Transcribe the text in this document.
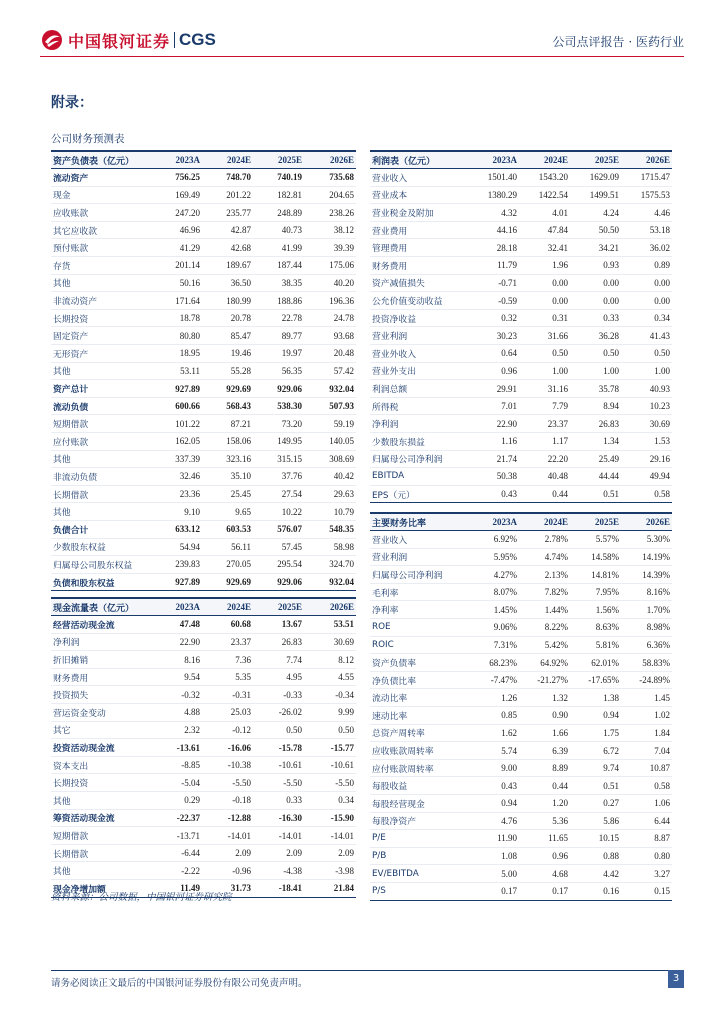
中国银河证券 CGS	公司点评报告 · 医药行业
附录：
公司财务预测表
资产负债表（亿元）	2023A	2024E	2025E	2026E
流动资产	756.25	748.70	740.19	735.68
现金	169.49	201.22	182.81	204.65
应收账款	247.20	235.77	248.89	238.26
其它应收款	46.96	42.87	40.73	38.12
预付账款	41.29	42.68	41.99	39.39
存货	201.14	189.67	187.44	175.06
其他	50.16	36.50	38.35	40.20
非流动资产	171.64	180.99	188.86	196.36
长期投资	18.78	20.78	22.78	24.78
固定资产	80.80	85.47	89.77	93.68
无形资产	18.95	19.46	19.97	20.48
其他	53.11	55.28	56.35	57.42
资产总计	927.89	929.69	929.06	932.04
流动负债	600.66	568.43	538.30	507.93
短期借款	101.22	87.21	73.20	59.19
应付账款	162.05	158.06	149.95	140.05
其他	337.39	323.16	315.15	308.69
非流动负债	32.46	35.10	37.76	40.42
长期借款	23.36	25.45	27.54	29.63
其他	9.10	9.65	10.22	10.79
负债合计	633.12	603.53	576.07	548.35
少数股东权益	54.94	56.11	57.45	58.98
归属母公司股东权益	239.83	270.05	295.54	324.70
负债和股东权益	927.89	929.69	929.06	932.04
利润表（亿元）	2023A	2024E	2025E	2026E
营业收入	1501.40	1543.20	1629.09	1715.47
营业成本	1380.29	1422.54	1499.51	1575.53
营业税金及附加	4.32	4.01	4.24	4.46
营业费用	44.16	47.84	50.50	53.18
管理费用	28.18	32.41	34.21	36.02
财务费用	11.79	1.96	0.93	0.89
资产减值损失	-0.71	0.00	0.00	0.00
公允价值变动收益	-0.59	0.00	0.00	0.00
投资净收益	0.32	0.31	0.33	0.34
营业利润	30.23	31.66	36.28	41.43
营业外收入	0.64	0.50	0.50	0.50
营业外支出	0.96	1.00	1.00	1.00
利润总额	29.91	31.16	35.78	40.93
所得税	7.01	7.79	8.94	10.23
净利润	22.90	23.37	26.83	30.69
少数股东损益	1.16	1.17	1.34	1.53
归属母公司净利润	21.74	22.20	25.49	29.16
EBITDA	50.38	40.48	44.44	49.94
EPS（元）	0.43	0.44	0.51	0.58
主要财务比率	2023A	2024E	2025E	2026E
营业收入	6.92%	2.78%	5.57%	5.30%
营业利润	5.95%	4.74%	14.58%	14.19%
归属母公司净利润	4.27%	2.13%	14.81%	14.39%
毛利率	8.07%	7.82%	7.95%	8.16%
净利率	1.45%	1.44%	1.56%	1.70%
ROE	9.06%	8.22%	8.63%	8.98%
ROIC	7.31%	5.42%	5.81%	6.36%
资产负债率	68.23%	64.92%	62.01%	58.83%
净负债比率	-7.47%	-21.27%	-17.65%	-24.89%
流动比率	1.26	1.32	1.38	1.45
速动比率	0.85	0.90	0.94	1.02
总资产周转率	1.62	1.66	1.75	1.84
应收账款周转率	5.74	6.39	6.72	7.04
应付账款周转率	9.00	8.89	9.74	10.87
每股收益	0.43	0.44	0.51	0.58
每股经营现金	0.94	1.20	0.27	1.06
每股净资产	4.76	5.36	5.86	6.44
P/E	11.90	11.65	10.15	8.87
P/B	1.08	0.96	0.88	0.80
EV/EBITDA	5.00	4.68	4.42	3.27
P/S	0.17	0.17	0.16	0.15
现金流量表（亿元）	2023A	2024E	2025E	2026E
经营活动现金流	47.48	60.68	13.67	53.51
净利润	22.90	23.37	26.83	30.69
折旧摊销	8.16	7.36	7.74	8.12
财务费用	9.54	5.35	4.95	4.55
投资损失	-0.32	-0.31	-0.33	-0.34
营运资金变动	4.88	25.03	-26.02	9.99
其它	2.32	-0.12	0.50	0.50
投资活动现金流	-13.61	-16.06	-15.78	-15.77
资本支出	-8.85	-10.38	-10.61	-10.61
长期投资	-5.04	-5.50	-5.50	-5.50
其他	0.29	-0.18	0.33	0.34
筹资活动现金流	-22.37	-12.88	-16.30	-15.90
短期借款	-13.71	-14.01	-14.01	-14.01
长期借款	-6.44	2.09	2.09	2.09
其他	-2.22	-0.96	-4.38	-3.98
现金净增加额	11.49	31.73	-18.41	21.84
资料来源：公司数据，中国银河证券研究院
请务必阅读正文最后的中国银河证券股份有限公司免责声明。	3
